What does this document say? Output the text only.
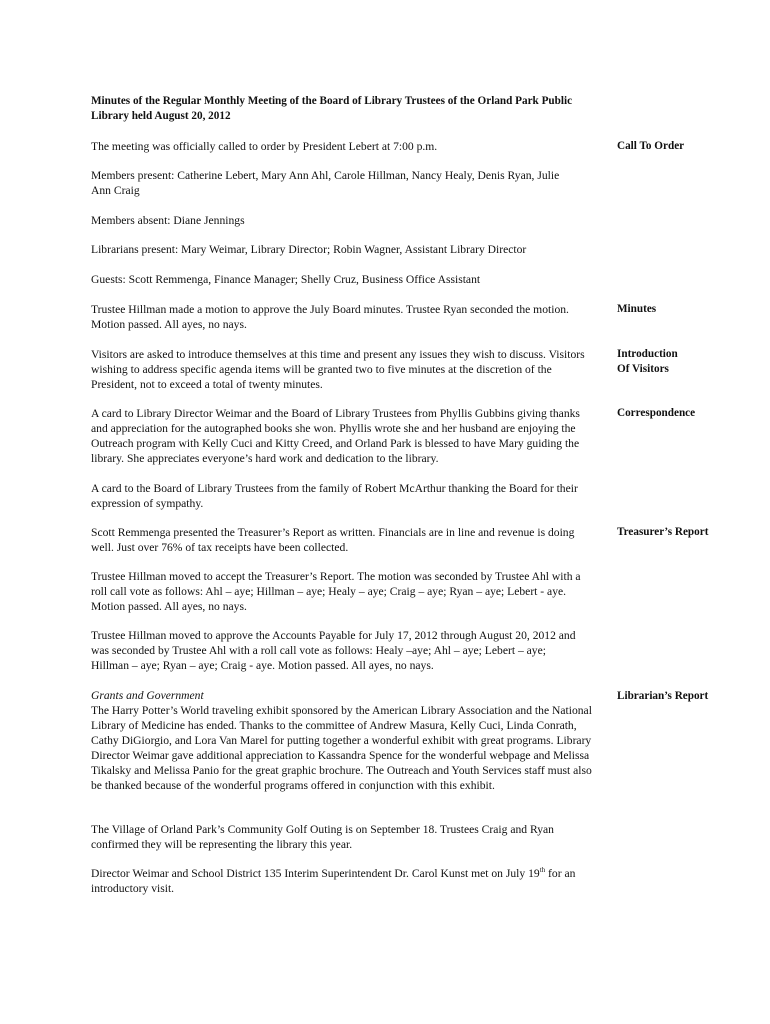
Minutes of the Regular Monthly Meeting of the Board of Library Trustees of the Orland Park Public Library held August 20, 2012
The meeting was officially called to order by President Lebert at 7:00 p.m.	Call To Order
Members present: Catherine Lebert, Mary Ann Ahl, Carole Hillman, Nancy Healy, Denis Ryan, Julie Ann Craig
Members absent: Diane Jennings
Librarians present: Mary Weimar, Library Director; Robin Wagner, Assistant Library Director
Guests: Scott Remmenga, Finance Manager; Shelly Cruz, Business Office Assistant
Trustee Hillman made a motion to approve the July Board minutes. Trustee Ryan seconded the motion. Motion passed. All ayes, no nays.
Minutes
Visitors are asked to introduce themselves at this time and present any issues they wish to discuss. Visitors wishing to address specific agenda items will be granted two to five minutes at the discretion of the President, not to exceed a total of twenty minutes.
Introduction
Of Visitors
A card to Library Director Weimar and the Board of Library Trustees from Phyllis Gubbins giving thanks and appreciation for the autographed books she won. Phyllis wrote she and her husband are enjoying the Outreach program with Kelly Cuci and Kitty Creed, and Orland Park is blessed to have Mary guiding the library. She appreciates everyone’s hard work and dedication to the library.
Correspondence
A card to the Board of Library Trustees from the family of Robert McArthur thanking the Board for their expression of sympathy.
Scott Remmenga presented the Treasurer’s Report as written. Financials are in line and revenue is doing well. Just over 76% of tax receipts have been collected.
Treasurer’s Report
Trustee Hillman moved to accept the Treasurer’s Report. The motion was seconded by Trustee Ahl with a roll call vote as follows: Ahl – aye; Hillman – aye; Healy – aye; Craig – aye; Ryan – aye; Lebert - aye. Motion passed. All ayes, no nays.
Trustee Hillman moved to approve the Accounts Payable for July 17, 2012 through August 20, 2012 and was seconded by Trustee Ahl with a roll call vote as follows: Healy –aye; Ahl – aye; Lebert – aye; Hillman – aye; Ryan – aye; Craig - aye. Motion passed. All ayes, no nays.
Grants and Government
The Harry Potter’s World traveling exhibit sponsored by the American Library Association and the National Library of Medicine has ended. Thanks to the committee of Andrew Masura, Kelly Cuci, Linda Conrath, Cathy DiGiorgio, and Lora Van Marel for putting together a wonderful exhibit with great programs. Library Director Weimar gave additional appreciation to Kassandra Spence for the wonderful webpage and Melissa Tikalsky and Melissa Panio for the great graphic brochure. The Outreach and Youth Services staff must also be thanked because of the wonderful programs offered in conjunction with this exhibit.
Librarian’s Report
The Village of Orland Park’s Community Golf Outing is on September 18. Trustees Craig and Ryan confirmed they will be representing the library this year.
Director Weimar and School District 135 Interim Superintendent Dr. Carol Kunst met on July 19th for an introductory visit.
